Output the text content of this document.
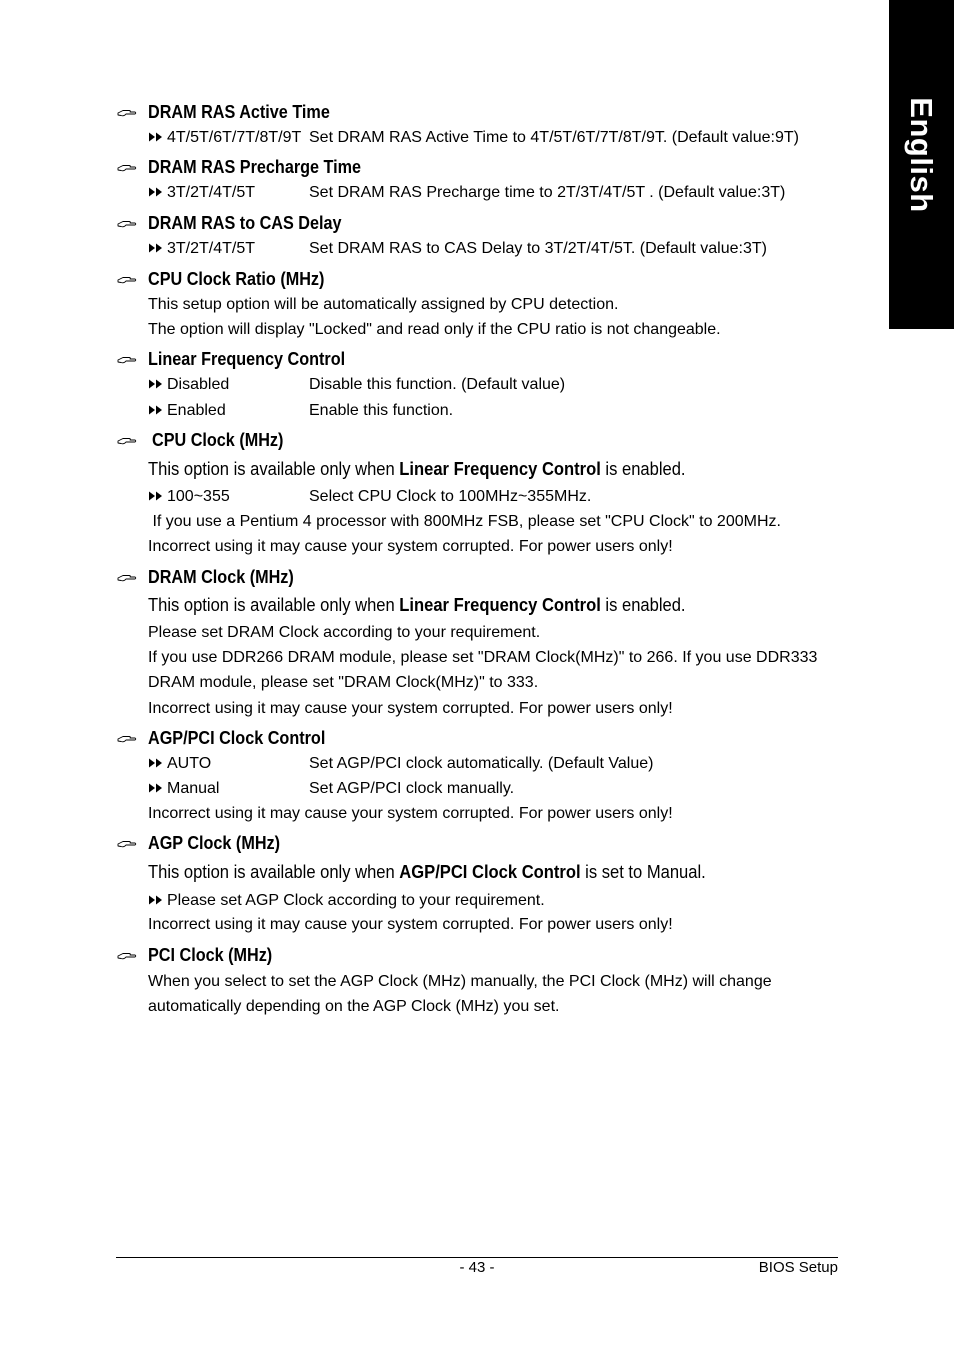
English
DRAM RAS Active Time
4T/5T/6T/7T/8T/9T Set DRAM RAS Active Time to 4T/5T/6T/7T/8T/9T. (Default value:9T)
DRAM RAS Precharge Time
3T/2T/4T/5T	Set DRAM RAS Precharge time to 2T/3T/4T/5T . (Default value:3T)
DRAM RAS to CAS Delay
3T/2T/4T/5T	Set DRAM RAS to CAS Delay to 3T/2T/4T/5T. (Default value:3T)
CPU Clock Ratio (MHz)
This setup option will be automatically assigned by CPU detection.
The option will display "Locked" and read only if the CPU ratio is not changeable.
Linear Frequency Control
Disabled	Disable this function. (Default value)
Enabled	Enable this function.
CPU Clock (MHz)
This option is available only when Linear Frequency Control is enabled.
100~355	Select CPU Clock to 100MHz~355MHz.
If you use a Pentium 4 processor with 800MHz FSB, please set "CPU Clock" to 200MHz.
Incorrect using it may cause your system corrupted. For power users only!
DRAM Clock (MHz)
This option is available only when Linear Frequency Control is enabled.
Please set DRAM Clock according to your requirement.
If you use DDR266 DRAM module, please set "DRAM Clock(MHz)" to 266. If you use DDR333
DRAM module, please set "DRAM Clock(MHz)" to 333.
Incorrect using it may cause your system corrupted. For power users only!
AGP/PCI Clock Control
AUTO	Set AGP/PCI clock automatically. (Default Value)
Manual	Set AGP/PCI clock manually.
Incorrect using it may cause your system corrupted. For power users only!
AGP Clock (MHz)
This option is available only when AGP/PCI Clock Control is set to Manual.
Please set AGP Clock according to your requirement.
Incorrect using it may cause your system corrupted. For power users only!
PCI Clock (MHz)
When you select to set the AGP Clock (MHz) manually, the PCI Clock (MHz) will change
automatically depending on the AGP Clock (MHz) you set.
- 43 -	BIOS Setup
